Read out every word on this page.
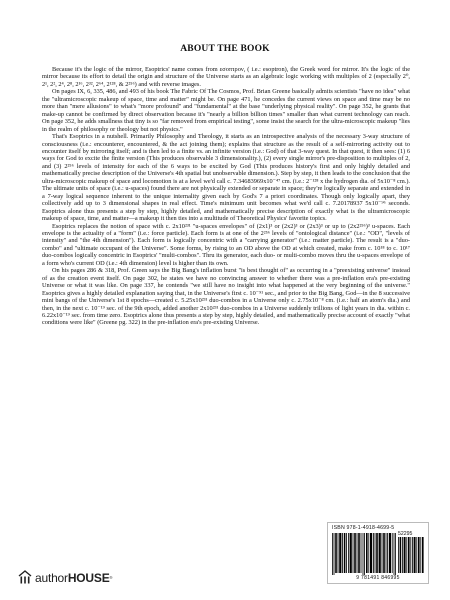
ABOUT THE BOOK

Because it's the logic of the mirror, Esoptrics' name comes from εσοπτρον, ( i.e.: esoptron), the Greek word for mirror. It's the logic of the mirror because its effort to detail the origin and structure of the Universe starts as an algebraic logic working with multiples of 2 (especially 2⁰, 2¹, 2², 2⁴, 2⁸, 2¹⁶, 2³², 2⁶⁴, 2¹²⁸, & 2²⁵⁶) and with reverse images.

On pages IX, 6, 335, 486, and 493 of his book The Fabric Of The Cosmos, Prof. Brian Greene basically admits scientists "have no idea" what the "ultramicroscopic makeup of space, time and matter" might be. On page 471, he concedes the current views on space and time may be no more than "mere allusions" to what's "more profound" and "fundamental" at the base "underlying physical reality". On page 352, he grants that make-up cannot be confirmed by direct observation because it's "nearly a billion billion times" smaller than what current technology can reach. On page 352, he adds smallness that tiny is so "far removed from empirical testing", some insist the search for the ultra-microscopic makeup "lies in the realm of philosophy or theology but not physics."

That's Esoptrics in a nutshell. Primarily Philosophy and Theology, it starts as an introspective analysis of the necessary 3-way structure of consciousness (i.e.: encounterer, encountered, & the act joining them); explains that structure as the result of a self-mirroring activity out to encounter itself by mirroring itself; and is then led to a finite vs. an infinite version (i.e.: God) of that 3-way quest. In that quest, it then sees: (1) 6 ways for God to excite the finite version (This produces observable 3 dimensionality.), (2) every single mirror's pre-disposition to multiples of 2, and (3) 2²⁵⁶ levels of intensity for each of the 6 ways to be excited by God (This produces history's first and only highly detailed and mathematically precise description of the Universe's 4th spatial but unobservable dimension.). Step by step, it then leads to the conclusion that the ultra-microscopic makeup of space and locomotion is at a level we'd call c. 7.34683969x10⁻⁴⁷ cm. (i.e.: 2⁻¹²⁸ x the hydrogen dia. of 5x10⁻⁸ cm.). The ultimate units of space (i.e.: u-spaces) found there are not physically extended or separate in space; they're logically separate and extended in a 7-way logical sequence inherent to the unique internality given each by God's 7 a priori coordinates. Though only logically apart, they collectively add up to 3 dimensional shapes in real effect. Time's minimum unit becomes what we'd call c. 7.20178937 5x10⁻⁹⁶ seconds. Esoptrics alone thus presents a step by step, highly detailed, and mathematically precise description of exactly what is the ultramicroscopic makeup of space, time, and matter—a makeup it then ties into a multitude of Theoretical Physics' favorite topics.

Esoptrics replaces the notion of space with c. 2x10²³¹ "u-spaces envelopes" of (2x1)³ or (2x2)³ or (2x3)³ or up to (2x2²⁵⁶)³ u-spaces. Each envelope is the actuality of a "form" (i.e.: force particle). Each form is at one of the 2²⁵⁶ levels of "ontological distance" (i.e.: "OD", "levels of intensity" and "the 4th dimension"). Each form is logically concentric with a "carrying generator" (i.e.: matter particle). The result is a "duo-combo" and "ultimate occupant of the Universe". Some forms, by rising to an OD above the OD at which created, make from c. 10¹⁸ to c. 10¹⁷ duo-combos logically concentric in Esoptrics' "multi-combos". Thru its generator, each duo- or multi-combo moves thru the u-spaces envelope of a form who's current OD (i.e.: 4th dimension) level is higher than its own.

On his pages 286 & 318, Prof. Green says the Big Bang's inflation burst "is best thought of" as occurring in a "preexisting universe" instead of as the creation event itself. On page 302, he states we have no convincing answer to whether there was a pre-inflation era's pre-existing Universe or what it was like. On page 337, he contends "we still have no insight into what happened at the very beginning of the universe." Esoptrics gives a highly detailed explanation saying that, in the Universe's first c. 10⁻⁹¹ sec., and prior to the Big Bang, God—in the 8 successive mini bangs of the Universe's 1st 8 epochs—created c. 5.25x10²³¹ duo-combos in a Universe only c. 2.75x10⁻⁸ cm. (i.e.: half an atom's dia.) and then, in the next c. 10⁻¹⁹ sec. of the 9th epoch, added another 2x10²³¹ duo-combos in a Universe suddenly trillions of light years in dia. within c. 6.22x10⁻¹⁹ sec. from time zero. Esoptrics alone thus presents a step by step, highly detailed, and mathematically precise account of exactly "what conditions were like" (Greene pg. 322) in the pre-inflation era's pre-existing Universe.

ISBN 978-1-4918-4699-5
52295
9 781491 846995
author HOUSE ®
